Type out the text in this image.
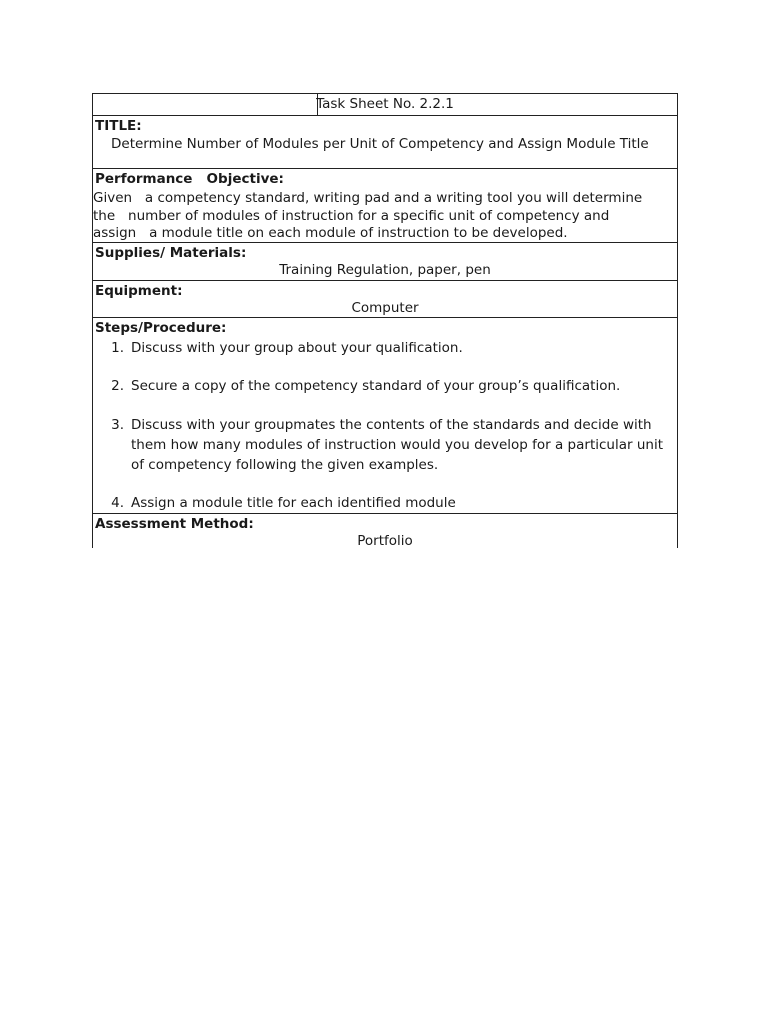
Task Sheet No. 2.2.1
TITLE:
Determine Number of Modules per Unit of Competency and Assign Module Title
Performance   Objective:
Given   a competency standard, writing pad and a writing tool you will determine
the   number of modules of instruction for a specific unit of competency and
assign   a module title on each module of instruction to be developed.
Supplies/ Materials:
Training Regulation, paper, pen
Equipment:
Computer
Steps/Procedure:
1. Discuss with your group about your qualification.
2. Secure a copy of the competency standard of your group’s qualification.
3. Discuss with your groupmates the contents of the standards and decide with them how many modules of instruction would you develop for a particular unit of competency following the given examples.
4. Assign a module title for each identified module
Assessment Method:
Portfolio
